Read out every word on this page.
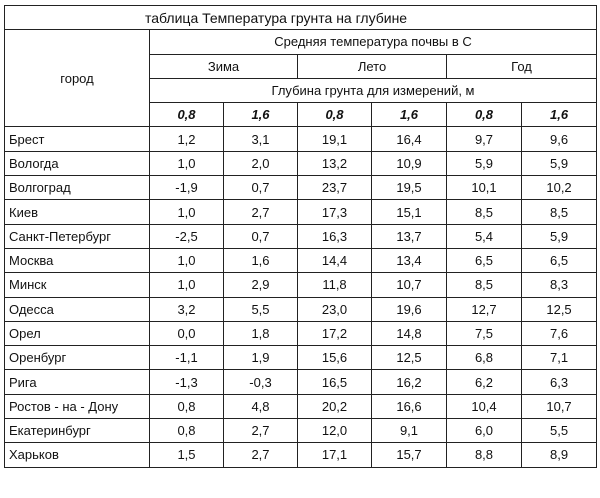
таблица Температура грунта на глубине						
город	Средняя температура почвы в С					
	Зима		Лето		Год	
	Глубина грунта для измерений, м					
	0,8	1,6	0,8	1,6	0,8	1,6
Брест	1,2	3,1	19,1	16,4	9,7	9,6
Вологда	1,0	2,0	13,2	10,9	5,9	5,9
Волгоград	-1,9	0,7	23,7	19,5	10,1	10,2
Киев	1,0	2,7	17,3	15,1	8,5	8,5
Санкт-Петербург	-2,5	0,7	16,3	13,7	5,4	5,9
Москва	1,0	1,6	14,4	13,4	6,5	6,5
Минск	1,0	2,9	11,8	10,7	8,5	8,3
Одесса	3,2	5,5	23,0	19,6	12,7	12,5
Орел	0,0	1,8	17,2	14,8	7,5	7,6
Оренбург	-1,1	1,9	15,6	12,5	6,8	7,1
Рига	-1,3	-0,3	16,5	16,2	6,2	6,3
Ростов - на - Дону	0,8	4,8	20,2	16,6	10,4	10,7
Екатеринбург	0,8	2,7	12,0	9,1	6,0	5,5
Харьков	1,5	2,7	17,1	15,7	8,8	8,9
